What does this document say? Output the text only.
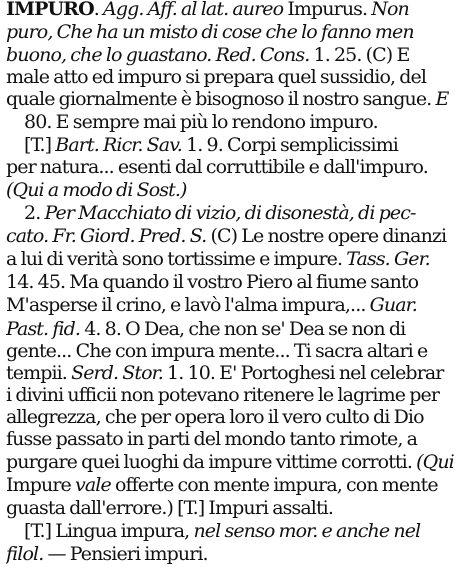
IMPURO. Agg. Aff. al lat. aureo Impurus. Non
puro, Che ha un misto di cose che lo fanno men
buono, che lo guastano. Red. Cons. 1. 25. (C) E
male atto ed impuro si prepara quel sussidio, del
quale giornalmente è bisognoso il nostro sangue. E
80. E sempre mai più lo rendono impuro.
[T.] Bart. Ricr. Sav. 1. 9. Corpi semplicissimi
per natura... esenti dal corruttibile e dall'impuro.
(Qui a modo di Sost.)
2. Per Macchiato di vizio, di disonestà, di pec-
cato. Fr. Giord. Pred. S. (C) Le nostre opere dinanzi
a lui di verità sono tortissime e impure. Tass. Ger.
14. 45. Ma quando il vostro Piero al fiume santo
M'asperse il crino, e lavò l'alma impura,... Guar.
Past. fid. 4. 8. O Dea, che non se' Dea se non di
gente... Che con impura mente... Ti sacra altari e
tempii. Serd. Stor. 1. 10. E' Portoghesi nel celebrar
i divini ufficii non potevano ritenere le lagrime per
allegrezza, che per opera loro il vero culto di Dio
fusse passato in parti del mondo tanto rimote, a
purgare quei luoghi da impure vittime corrotti. (Qui
Impure vale offerte con mente impura, con mente
guasta dall'errore.) [T.] Impuri assalti.
[T.] Lingua impura, nel senso mor. e anche nel
filol. — Pensieri impuri.
